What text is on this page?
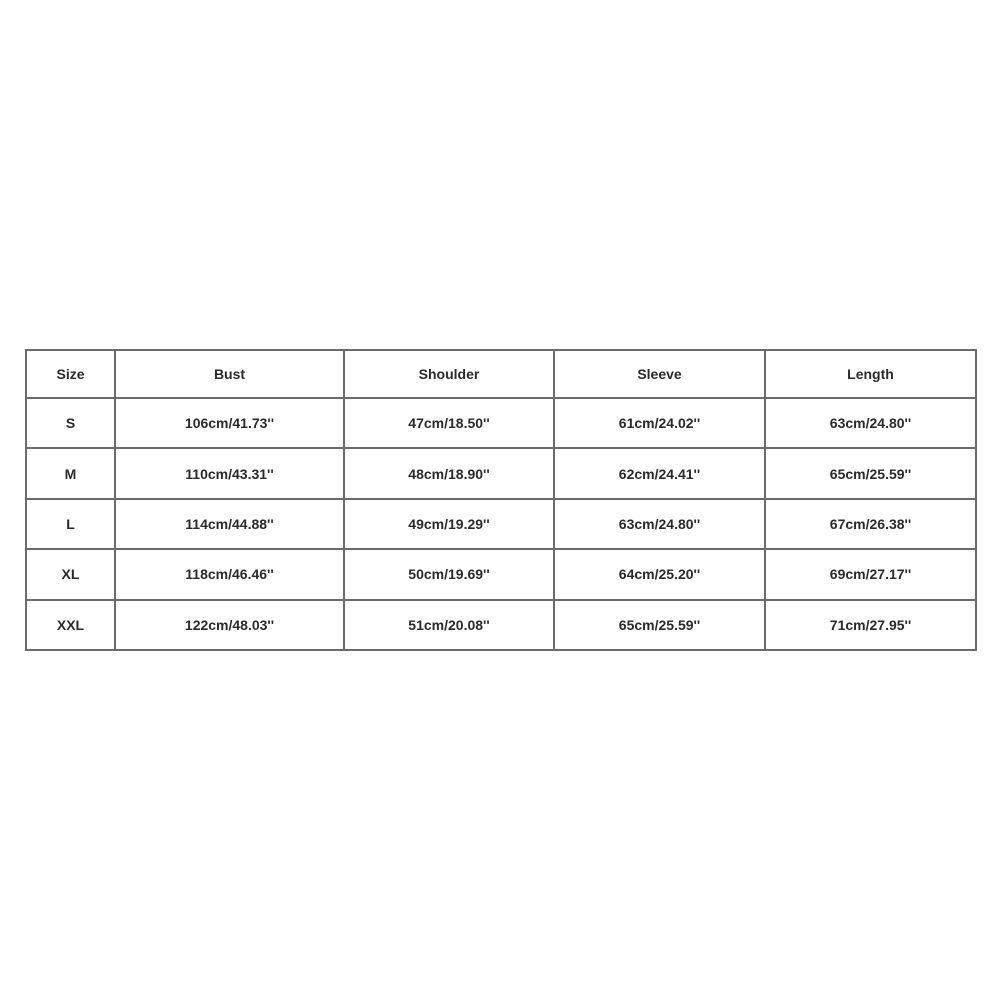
Size	Bust	Shoulder	Sleeve	Length
S	106cm/41.73''	47cm/18.50''	61cm/24.02''	63cm/24.80''
M	110cm/43.31''	48cm/18.90''	62cm/24.41''	65cm/25.59''
L	114cm/44.88''	49cm/19.29''	63cm/24.80''	67cm/26.38''
XL	118cm/46.46''	50cm/19.69''	64cm/25.20''	69cm/27.17''
XXL	122cm/48.03''	51cm/20.08''	65cm/25.59''	71cm/27.95''
